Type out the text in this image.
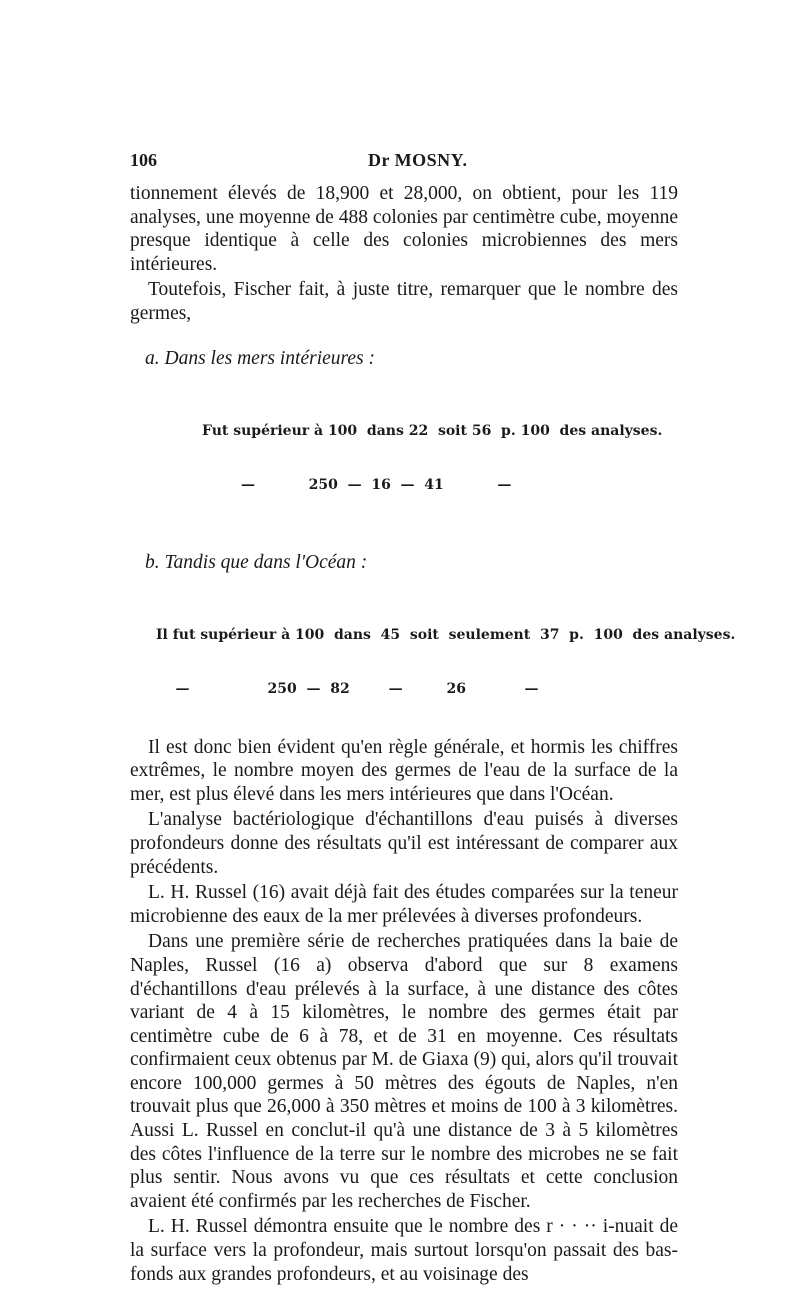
106	Dr MOSNY.

tionnement élevés de 18,900 et 28,000, on obtient, pour les 119 analyses, une moyenne de 488 colonies par centimètre cube, moyenne presque identique à celle des colonies microbiennes des mers intérieures.

Toutefois, Fischer fait, à juste titre, remarquer que le nombre des germes,

a. Dans les mers intérieures :

Fut supérieur à 100  dans 22  soit 56  p. 100  des analyses.

—           250  —  16  —  41           —

b. Tandis que dans l'Océan :

Il fut supérieur à 100  dans  45  soit  seulement  37  p.  100  des analyses.

—                250  —  82        —         26            —

Il est donc bien évident qu'en règle générale, et hormis les chiffres extrêmes, le nombre moyen des germes de l'eau de la surface de la mer, est plus élevé dans les mers intérieures que dans l'Océan.

L'analyse bactériologique d'échantillons d'eau puisés à diverses profondeurs donne des résultats qu'il est intéressant de comparer aux précédents.

L. H. Russel (16) avait déjà fait des études comparées sur la teneur microbienne des eaux de la mer prélevées à diverses profondeurs.

Dans une première série de recherches pratiquées dans la baie de Naples, Russel (16 a) observa d'abord que sur 8 examens d'échantillons d'eau prélevés à la surface, à une distance des côtes variant de 4 à 15 kilomètres, le nombre des germes était par centimètre cube de 6 à 78, et de 31 en moyenne. Ces résultats confirmaient ceux obtenus par M. de Giaxa (9) qui, alors qu'il trouvait encore 100,000 germes à 50 mètres des égouts de Naples, n'en trouvait plus que 26,000 à 350 mètres et moins de 100 à 3 kilomètres. Aussi L. Russel en conclut-il qu'à une distance de 3 à 5 kilomètres des côtes l'influence de la terre sur le nombre des microbes ne se fait plus sentir. Nous avons vu que ces résultats et cette conclusion avaient été confirmés par les recherches de Fischer.

L. H. Russel démontra ensuite que le nombre des r · · ·· i-nuait de la surface vers la profondeur, mais surtout lorsqu'on passait des bas-fonds aux grandes profondeurs, et au voisinage des
